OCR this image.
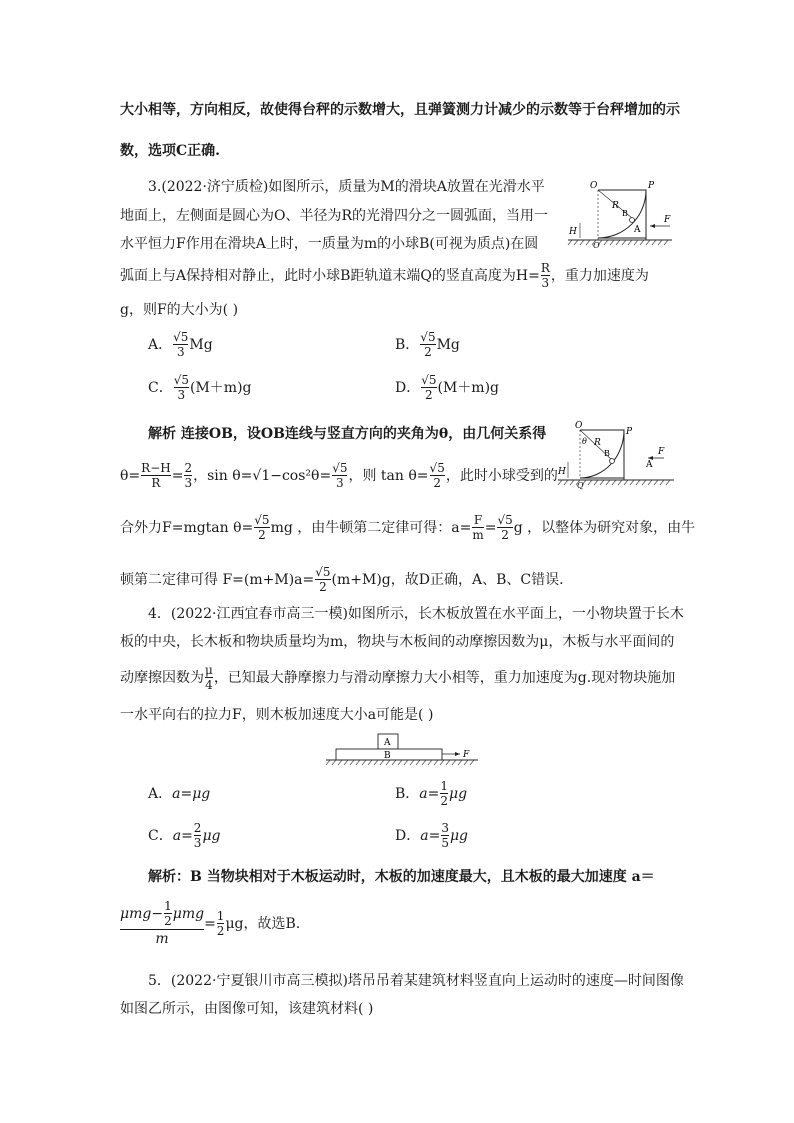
大小相等，方向相反，故使得台秤的示数增大，且弹簧测力计减少的示数等于台秤增加的示
数，选项C正确.
3.(2022·济宁质检)如图所示，质量为M的滑块A放置在光滑水平
地面上，左侧面是圆心为O、半径为R的光滑四分之一圆弧面，当用一
水平恒力F作用在滑块A上时，一质量为m的小球B(可视为质点)在圆
弧面上与A保持相对静止，此时小球B距轨道末端Q的竖直高度为$H= \frac{R}{3}$ ，重力加速度为
g，则F的大小为( )
A． $\frac{√5}{3}$ Mg	B． $\frac{√5}{2}$ Mg
C． $\frac{√5}{3} (M+m)g$	D． $\frac{√5}{2} (M+m)g$
O	P
R
B
A
F
H
Q
解析 连接OB，设OB连线与竖直方向的夹角为θ，由几何关系得
$\theta= \frac{R-H}{R} = \frac{2}{3}$ ，$\sin \theta=√1-\cos^2\theta= \frac{√5}{3}$ ，则 $\tan \theta= \frac{√5}{2}$ ，此时小球受到的
合外力F=mgtan $\theta= \frac{√5}{2}$ mg ，由牛顿第二定律可得：$a= \frac{F}{m} = \frac{√5}{2}$ g ，以整体为研究对象，由牛
顿第二定律可得 $F=(m+M)a= \frac{√5}{2} (m+M)g$，故D正确，A、B、C错误.
O
P
θ R
B
A
F
H
Q
4．(2022·江西宜春市高三一模)如图所示，长木板放置在水平面上，一小物块置于长木
板的中央，长木板和物块质量均为m，物块与木板间的动摩擦因数为μ，木板与水平面间的
动摩擦因数为 $\frac{\mu}{4}$ ，已知最大静摩擦力与滑动摩擦力大小相等，重力加速度为g.现对物块施加
一水平向右的拉力F，则木板加速度大小a可能是( )
A
B	F
A．a=μg	B．$a= \frac{1}{2}$ μg
C．$a= \frac{2}{3}$ μg	D．$a= \frac{3}{5}$ μg
解析：B 当物块相对于木板运动时，木板的加速度最大，且木板的最大加速度 a＝
$\mu mg- \frac{1}{2}$ μmg
m
= $\frac{1}{2}$ μg，故选B.
5．(2022·宁夏银川市高三模拟)塔吊吊着某建筑材料竖直向上运动时的速度—时间图像
如图乙所示，由图像可知，该建筑材料( )
